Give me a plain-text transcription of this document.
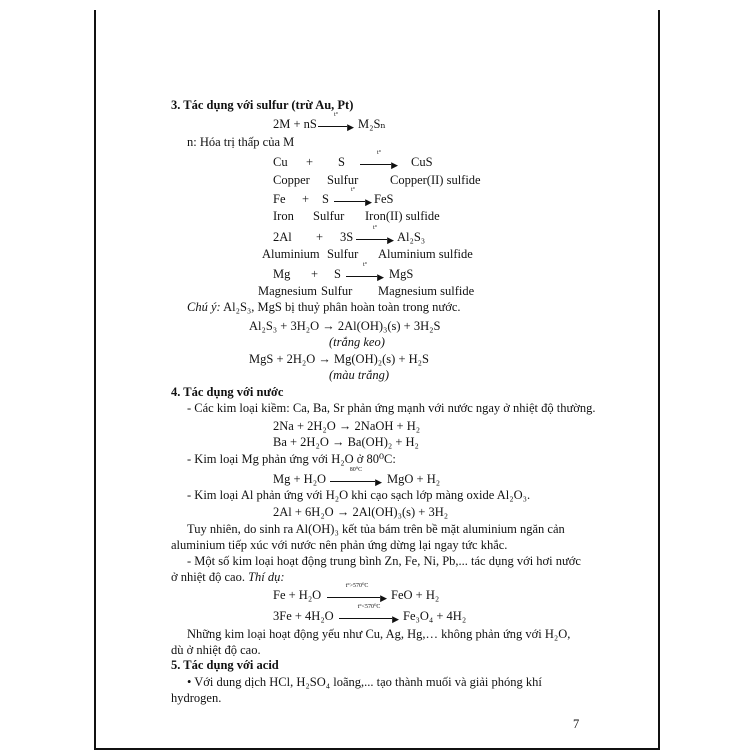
3. Tác dụng với sulfur (trừ Au, Pt)
2M + nS
t°
▶ M₂Sₙ
n: Hóa trị thấp của M
Cu + S
t°
▶ CuS
Copper Sulfur	Copper(II) sulfide
Fe + S
t°
▶ FeS
Iron Sulfur Iron(II) sulfide
2Al + 3S
t°
▶ Al₂S₃
Aluminium Sulfur Aluminium sulfide
Mg + S
t°
▶ MgS
Magnesium Sulfur Magnesium sulfide
Chú ý: Al₂S₃, MgS bị thuỷ phân hoàn toàn trong nước.
Al₂S₃ + 3H₂O → 2Al(OH)₃(s) + 3H₂S
(trắng keo)
MgS + 2H₂O → Mg(OH)₂(s) + H₂S
(màu trắng)
4. Tác dụng với nước
- Các kim loại kiềm: Ca, Ba, Sr phản ứng mạnh với nước ngay ở nhiệt độ thường.
2Na + 2H₂O → 2NaOH + H₂
Ba + 2H₂O → Ba(OH)₂ + H₂
- Kim loại Mg phản ứng với H₂O ở 80⁰C:
Mg + H₂O
80⁰C
▶ MgO + H₂
- Kim loại Al phản ứng với H₂O khi cạo sạch lớp màng oxide Al₂O₃.
2Al + 6H₂O → 2Al(OH)₃(s) + 3H₂
Tuy nhiên, do sinh ra Al(OH)₃ kết tủa bám trên bề mặt aluminium ngăn cản
aluminium tiếp xúc với nước nên phản ứng dừng lại ngay tức khắc.
- Một số kim loại hoạt động trung bình Zn, Fe, Ni, Pb,... tác dụng với hơi nước
ở nhiệt độ cao. Thí dụ:
Fe + H₂O
t°>570⁰C
▶ FeO + H₂
3Fe + 4H₂O
t°<570⁰C
▶ Fe₃O₄ + 4H₂
Những kim loại hoạt động yếu như Cu, Ag, Hg,… không phản ứng với H₂O,
dù ở nhiệt độ cao.
5. Tác dụng với acid
• Với dung dịch HCl, H₂SO₄ loãng,... tạo thành muối và giải phóng khí
hydrogen.
7
